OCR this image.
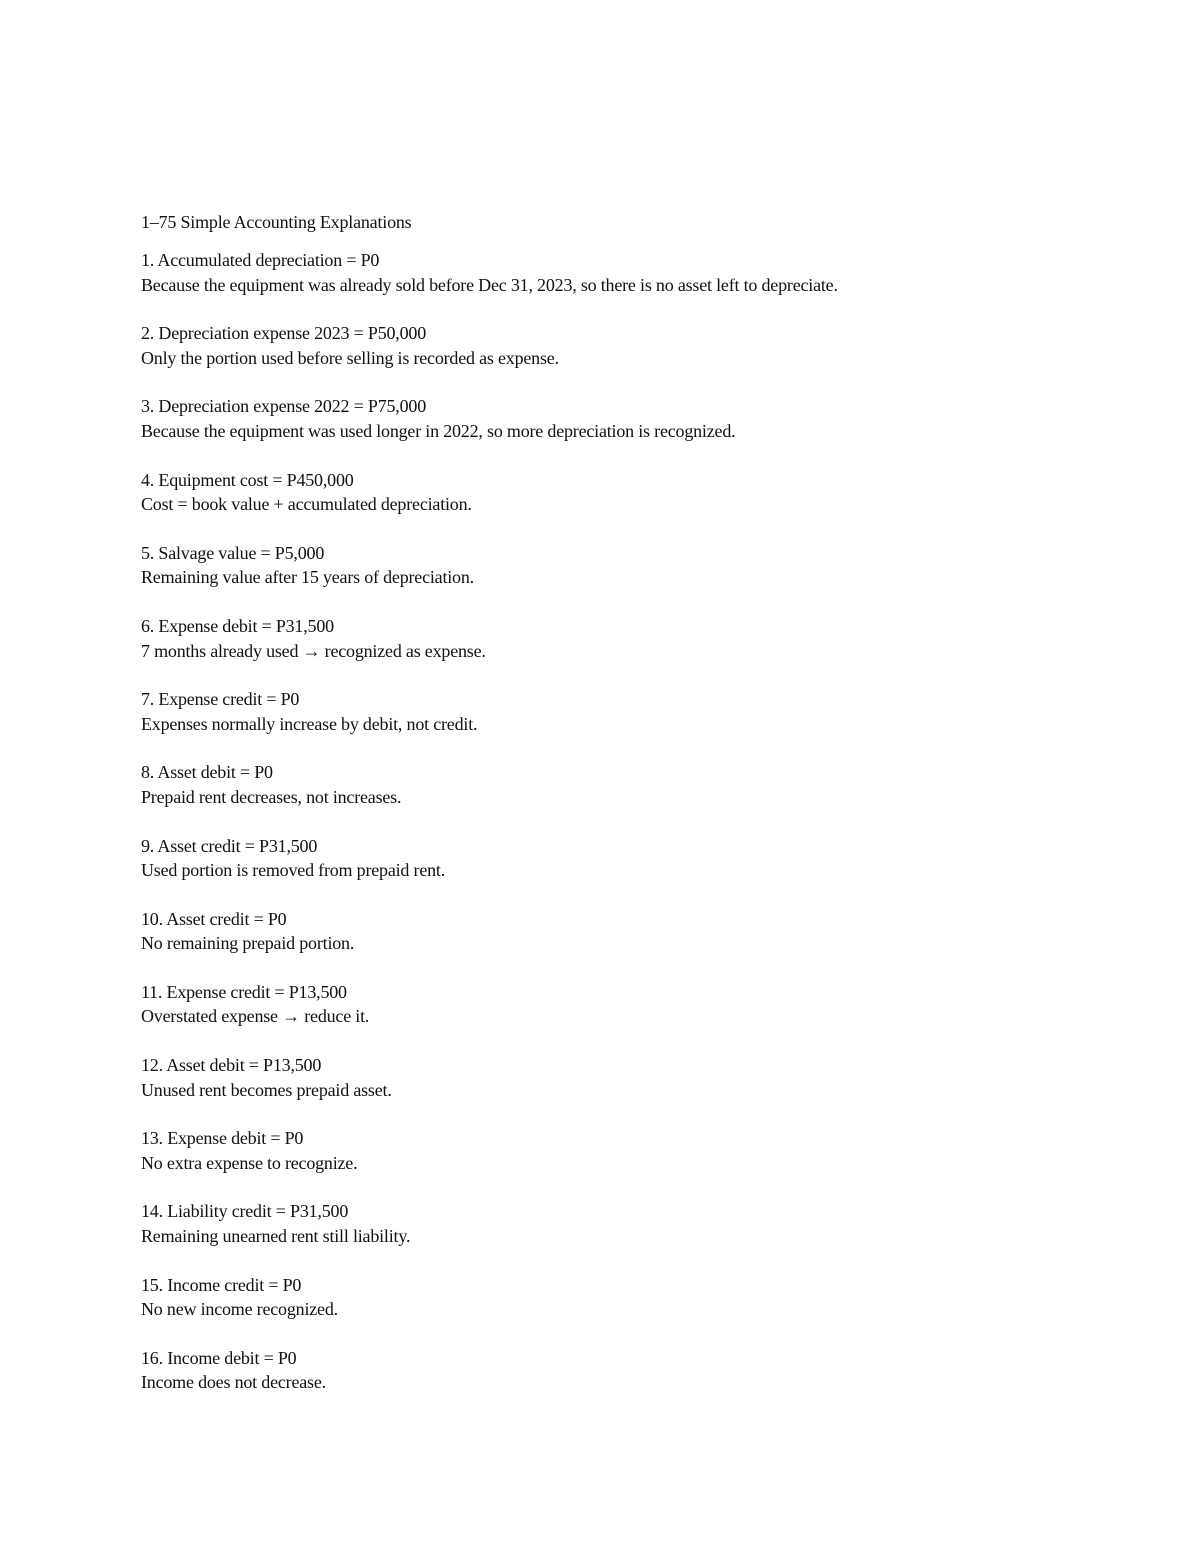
1–75 Simple Accounting Explanations
1. Accumulated depreciation = P0
Because the equipment was already sold before Dec 31, 2023, so there is no asset left to depreciate.
2. Depreciation expense 2023 = P50,000
Only the portion used before selling is recorded as expense.
3. Depreciation expense 2022 = P75,000
Because the equipment was used longer in 2022, so more depreciation is recognized.
4. Equipment cost = P450,000
Cost = book value + accumulated depreciation.
5. Salvage value = P5,000
Remaining value after 15 years of depreciation.
6. Expense debit = P31,500
7 months already used → recognized as expense.
7. Expense credit = P0
Expenses normally increase by debit, not credit.
8. Asset debit = P0
Prepaid rent decreases, not increases.
9. Asset credit = P31,500
Used portion is removed from prepaid rent.
10. Asset credit = P0
No remaining prepaid portion.
11. Expense credit = P13,500
Overstated expense → reduce it.
12. Asset debit = P13,500
Unused rent becomes prepaid asset.
13. Expense debit = P0
No extra expense to recognize.
14. Liability credit = P31,500
Remaining unearned rent still liability.
15. Income credit = P0
No new income recognized.
16. Income debit = P0
Income does not decrease.
